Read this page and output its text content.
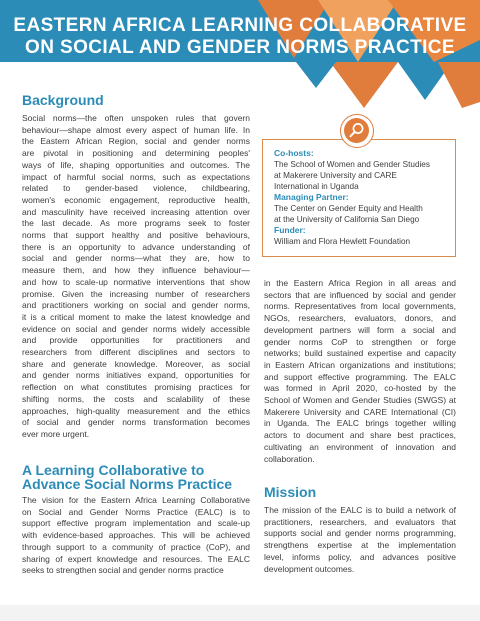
EASTERN AFRICA LEARNING COLLABORATIVE

ON SOCIAL AND GENDER NORMS PRACTICE

Background
Social norms—the often unspoken rules that govern
behaviour—shape almost every aspect of human life. In
the Eastern African Region, social and gender norms
are pivotal in positioning and determining peoples'
ways of life, shaping opportunities and outcomes. The
impact of harmful social norms, such as expectations
related to gender-based violence, childbearing,
women's economic engagement, reproductive health,
and masculinity have received increasing attention over
the last decade. As more programs seek to foster
norms that support healthy and positive behaviours,
there is an opportunity to advance understanding of
social and gender norms—what they are, how to
measure them, and how they influence behaviour—
and how to scale-up normative interventions that show
promise. Given the increasing number of researchers
and practitioners working on social and gender norms,
it is a critical moment to make the latest knowledge and
evidence on social and gender norms widely accessible
and provide opportunities for practitioners and
researchers from different disciplines and sectors to
share and generate knowledge. Moreover, as social
and gender norms initiatives expand, opportunities for
reflection on what constitutes promising practices for
shifting norms, the costs and scalability of these
approaches, high-quality measurement and the ethics
of social and gender norms transformation becomes
ever more urgent.
A Learning Collaborative to
Advance Social Norms Practice
The vision for the Eastern Africa Learning Collaborative
on Social and Gender Norms Practice (EALC) is to
support effective program implementation and scale-up
with evidence-based approaches. This will be achieved
through support to a community of practice (CoP), and
sharing of expert knowledge and resources. The EALC
seeks to strengthen social and gender norms practice

Co-hosts:

The School of Women and Gender Studies

at Makerere University and CARE

International in Uganda

Managing Partner:

The Center on Gender Equity and Health

at the University of California San Diego

Funder:

William and Flora Hewlett Foundation

in the Eastern Africa Region in all areas and
sectors that are influenced by social and gender
norms. Representatives from local governments,
NGOs, researchers, evaluators, donors, and
development partners will form a social and
gender norms CoP to strengthen or forge
networks; build sustained expertise and capacity
in Eastern African organizations and institutions;
and support effective programming. The EALC
was formed in April 2020, co-hosted by the
School of Women and Gender Studies (SWGS) at
Makerere University and CARE International (CI)
in Uganda. The EALC brings together willing
actors to document and share best practices,
cultivating an environment of innovation and
collaboration.
Mission
The mission of the EALC is to build a network of
practitioners, researchers, and evaluators that
supports social and gender norms programming,
strengthens expertise at the implementation
level, informs policy, and advances positive
development outcomes.
